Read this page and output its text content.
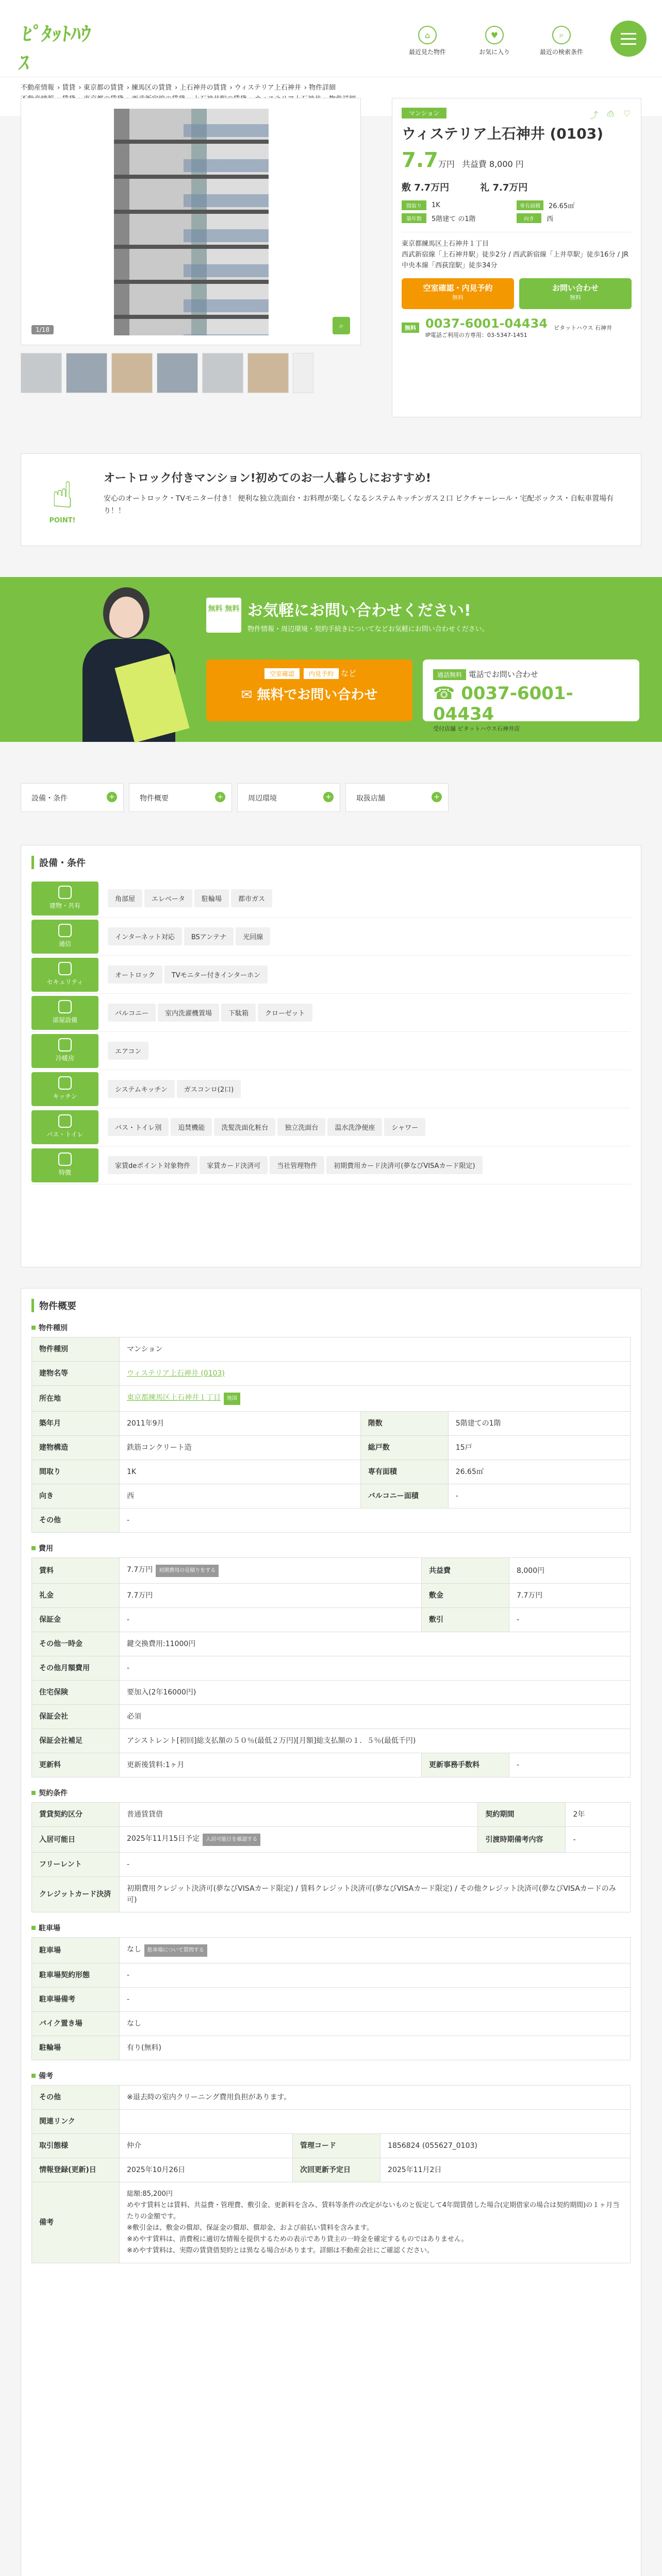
ﾋﾟﾀｯﾄﾊｳｽ
⌂
最近見た物件
♥
お気に入り
⌕
最近の検索条件
不動産情報 › 賃貸 › 東京都の賃貸 › 練馬区の賃貸 › 上石神井の賃貸 › ウィステリア上石神井 › 物件詳細
1/18	⌕
マンション	⤴ ⎙ ♡
ウィステリア上石神井 (0103)
7.7万円 共益費 8,000 円
敷 7.7万円	礼 7.7万円
間取り	1K	専有面積	26.65㎡
築年数	5階建て の1階	向き	西
東京都練馬区上石神井１丁目
西武新宿線「上石神井駅」徒歩2分 / 西武新宿線「上井草駅」徒歩16分 / JR中央本線「西荻窪駅」徒歩34分
空室確認・内見予約
無料
お問い合わせ
無料
無料 0037-6001-04434
IP電話ご利用の方専用：03-5347-1451
ピタットハウス 石神井
☝
POINT!
オートロック付きマンション!初めてのお一人暮らしにおすすめ!

安心のオートロック・TVモニター付き！ 便利な独立洗面台・お料理が楽しくなるシステムキッチンガス２口 ピクチャーレール・宅配ボックス・自転車置場有り！！

無料 無料 お気軽にお問い合わせください!

物件情報・周辺環境・契約手続きについてなどお気軽にお問い合わせください。

空室確認 内見予約 など
✉ 無料でお問い合わせ
通話無料 電話でお問い合わせ
☎ 0037-6001-04434
受付店舗 ピタットハウス石神井店
設備・条件 +	物件概要 +	周辺環境 +	取扱店舗 +
設備・条件
建物・共有
角部屋 エレベータ 駐輪場 都市ガス
通信
インターネット対応 BSアンテナ 光回線
セキュリティ
オートロック TVモニター付きインターホン
部屋設備
バルコニー 室内洗濯機置場 下駄箱 クローゼット
冷暖房
エアコン
キッチン
システムキッチン ガスコンロ(2口)
バス・トイレ
バス・トイレ別 追焚機能 洗髪洗面化粧台 独立洗面台 温水洗浄便座 シャワー
特徴
家賃deポイント対象物件 家賃カード決済可 当社管理物件 初期費用カード決済可(夢なびVISAカード限定)
物件概要
物件種別
物件種別	マンション		
建物名等	ウィステリア上石神井 (0103)		
所在地	東京都練馬区上石神井１丁目 地図		
築年月	2011年9月	階数	5階建ての1階
建物構造	鉄筋コンクリート造	総戸数	15戸
間取り	1K	専有面積	26.65㎡
向き	西	バルコニー面積	-
その他	-		
費用
賃料	7.7万円 初期費用の見積りをする	共益費	8,000円
礼金	7.7万円	敷金	7.7万円
保証金	-	敷引	-
その他一時金	鍵交換費用:11000円		
その他月額費用	-		
住宅保険	要加入(2年16000円)		
保証会社	必須		
保証会社補足	アシストレント[初回]総支払額の５０％(最低２万円)[月額]総支払額の１．５％(最低千円)		
更新料	更新後賃料:1ヶ月	更新事務手数料	-
契約条件
賃貸契約区分	普通賃貸借	契約期間	2年
入居可能日	2025年11月15日予定 入居可能日を確認する	引渡時期備考内容	-
フリーレント	-		
クレジットカード決済	初期費用クレジット決済可(夢なびVISAカード限定) / 賃料クレジット決済可(夢なびVISAカード限定) / その他クレジット決済可(夢なびVISAカードのみ可)		
駐車場
駐車場	なし 駐車場について質問する
駐車場契約形態	-
駐車場備考	-
バイク置き場	なし
駐輪場	有り(無料)
備考
その他	※退去時の室内クリーニング費用負担があります。		
関連リンク			
取引態様	仲介	管理コード	1856824 (055627_0103)
情報登録(更新)日	2025年10月26日	次回更新予定日	2025年11月2日
備考	総額:85,200円
めやす賃料とは賃料、共益費・管理費、敷引金、更新料を含み、賃料等条件の改定がないものと仮定して4年間賃借した場合(定期借家の場合は契約期間)の１ヶ月当たりの金額です。
※敷引金は、敷金の償却、保証金の償却、償却金、および前払い賃料を含みます。
※めやす賃料は、消費税に適切な情報を提供するための表示であり貸主の一時金を確定するものではありません。
※めやす賃料は、実際の賃貸借契約とは異なる場合があります。詳細は不動産会社にご確認ください。		
